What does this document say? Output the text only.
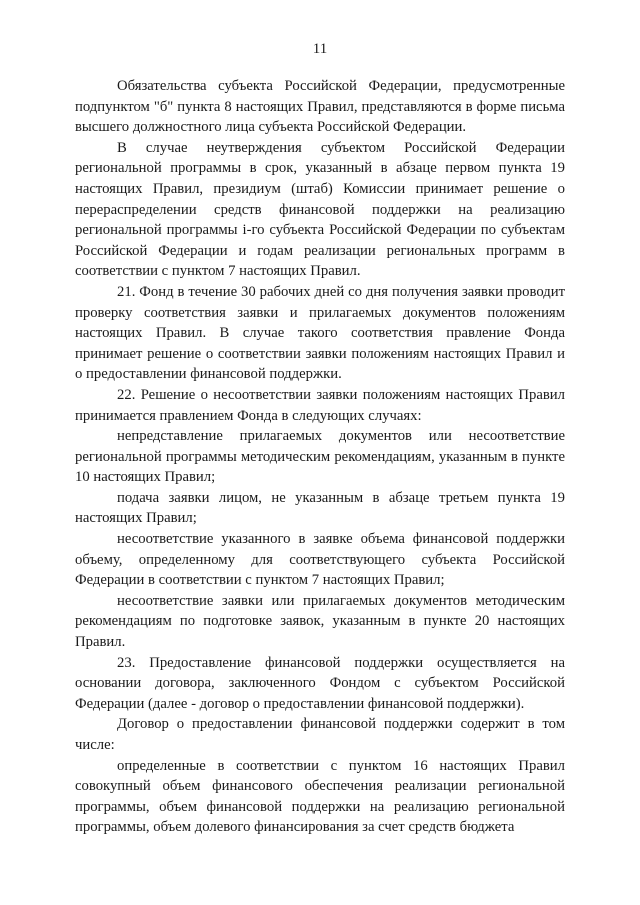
11

Обязательства субъекта Российской Федерации, предусмотренные подпунктом "б" пункта 8 настоящих Правил, представляются в форме письма высшего должностного лица субъекта Российской Федерации.

В случае неутверждения субъектом Российской Федерации региональной программы в срок, указанный в абзаце первом пункта 19 настоящих Правил, президиум (штаб) Комиссии принимает решение о перераспределении средств финансовой поддержки на реализацию региональной программы i-го субъекта Российской Федерации по субъектам Российской Федерации и годам реализации региональных программ в соответствии с пунктом 7 настоящих Правил.

21. Фонд в течение 30 рабочих дней со дня получения заявки проводит проверку соответствия заявки и прилагаемых документов положениям настоящих Правил. В случае такого соответствия правление Фонда принимает решение о соответствии заявки положениям настоящих Правил и о предоставлении финансовой поддержки.

22. Решение о несоответствии заявки положениям настоящих Правил принимается правлением Фонда в следующих случаях:

непредставление прилагаемых документов или несоответствие региональной программы методическим рекомендациям, указанным в пункте 10 настоящих Правил;

подача заявки лицом, не указанным в абзаце третьем пункта 19 настоящих Правил;

несоответствие указанного в заявке объема финансовой поддержки объему, определенному для соответствующего субъекта Российской Федерации в соответствии с пунктом 7 настоящих Правил;

несоответствие заявки или прилагаемых документов методическим рекомендациям по подготовке заявок, указанным в пункте 20 настоящих Правил.

23. Предоставление финансовой поддержки осуществляется на основании договора, заключенного Фондом с субъектом Российской Федерации (далее - договор о предоставлении финансовой поддержки).

Договор о предоставлении финансовой поддержки содержит в том числе:

определенные в соответствии с пунктом 16 настоящих Правил совокупный объем финансового обеспечения реализации региональной программы, объем финансовой поддержки на реализацию региональной программы, объем долевого финансирования за счет средств бюджета
